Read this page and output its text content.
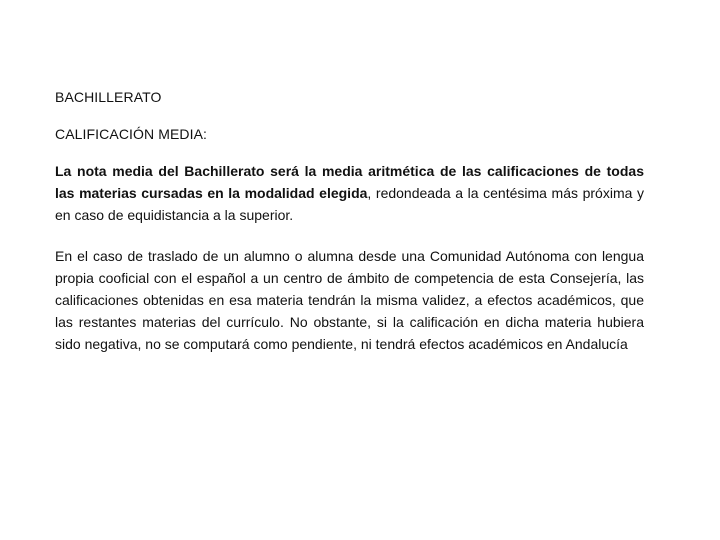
BACHILLERATO
CALIFICACIÓN MEDIA:

La nota media del Bachillerato será la media aritmética de las calificaciones de todas las materias cursadas en la modalidad elegida, redondeada a la centésima más próxima y en caso de equidistancia a la superior.

En el caso de traslado de un alumno o alumna desde una Comunidad Autónoma con lengua propia cooficial con el español a un centro de ámbito de competencia de esta Consejería, las calificaciones obtenidas en esa materia tendrán la misma validez, a efectos académicos, que las restantes materias del currículo. No obstante, si la calificación en dicha materia hubiera sido negativa, no se computará como pendiente, ni tendrá efectos académicos en Andalucía
